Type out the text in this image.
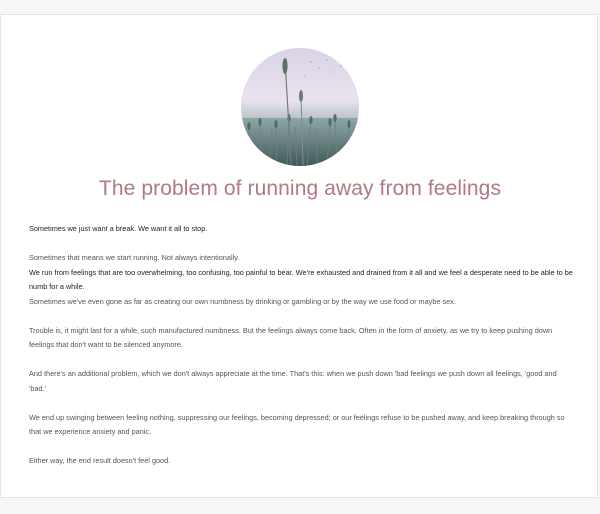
The problem of running away from feelings

Sometimes we just want a break. We want it all to stop.

Sometimes that means we start running. Not always intentionally.

We run from feelings that are too overwhelming, too confusing, too painful to bear. We're exhausted and drained from it all and we feel a desperate need to be able to be numb for a while.

Sometimes we've even gone as far as creating our own numbness by drinking or gambling or by the way we use food or maybe sex.

Trouble is, it might last for a while, such manufactured numbness. But the feelings always come back. Often in the form of anxiety, as we try to keep pushing down feelings that don't want to be silenced anymore.

And there's an additional problem, which we don't always appreciate at the time. That's this: when we push down 'bad feelings we push down all feelings, 'good and 'bad.'

We end up swinging between feeling nothing, suppressing our feelings, becoming depressed; or our feelings refuse to be pushed away, and keep breaking through so that we experience anxiety and panic.

Either way, the end result doesn't feel good.
